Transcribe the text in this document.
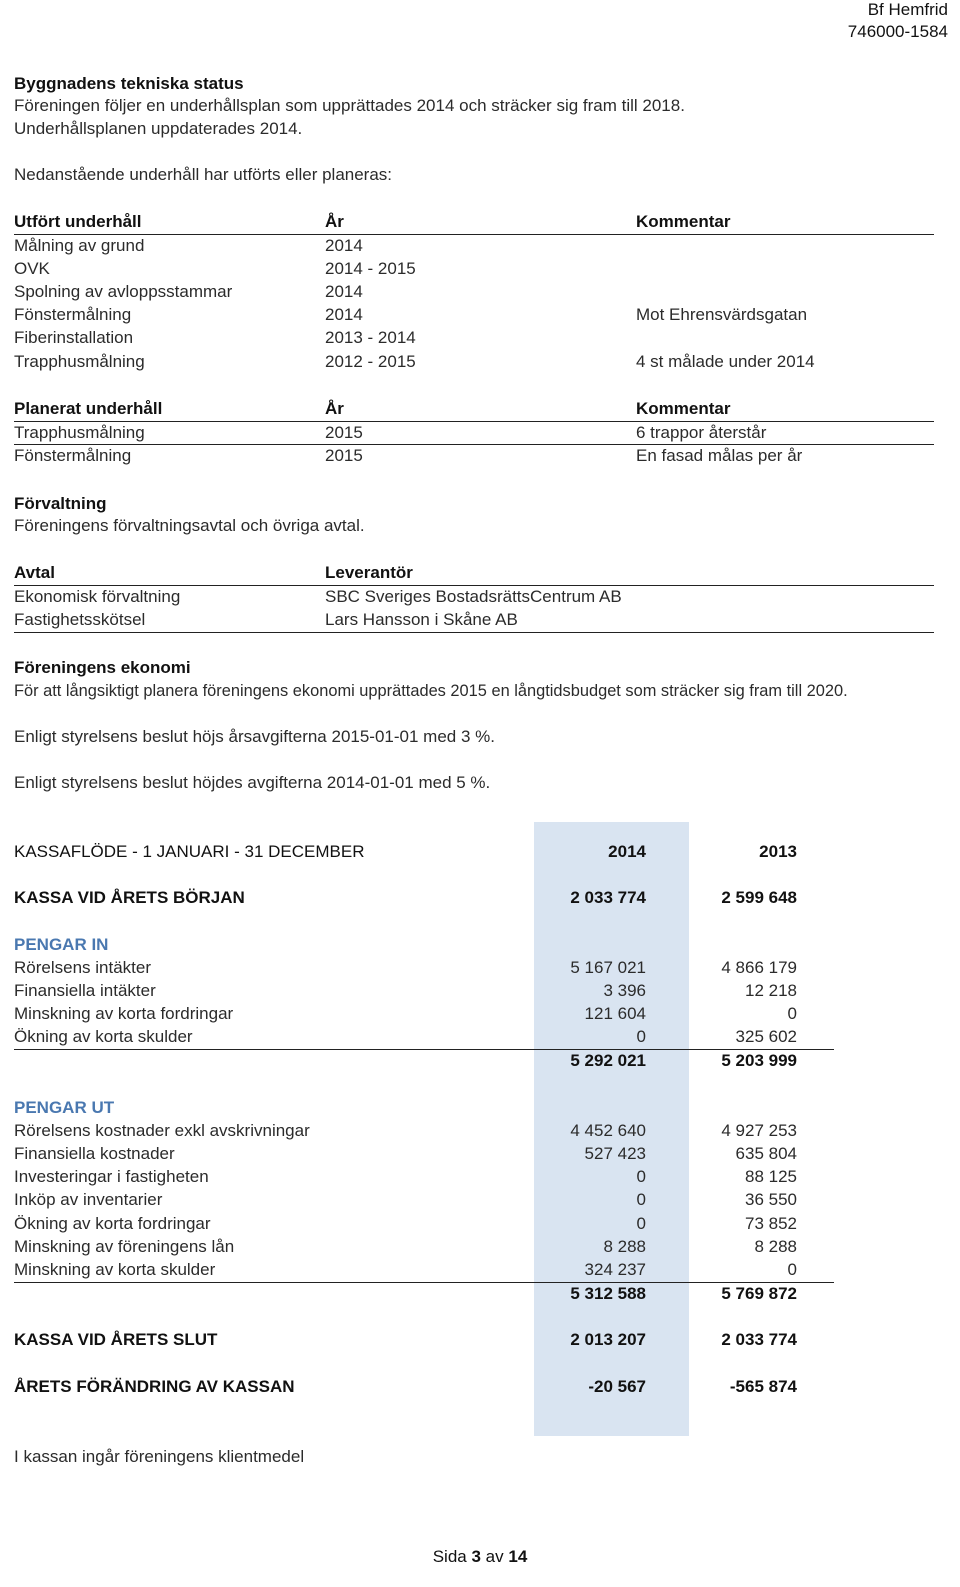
Bf Hemfrid
746000-1584
Byggnadens tekniska status
Föreningen följer en underhållsplan som upprättades 2014 och sträcker sig fram till 2018.
Underhållsplanen uppdaterades 2014.
Nedanstående underhåll har utförts eller planeras:
Utfört underhåll	År	Kommentar
Målning av grund	2014
OVK	2014 - 2015
Spolning av avloppsstammar	2014
Fönstermålning	2014	Mot Ehrensvärdsgatan
Fiberinstallation	2013 - 2014
Trapphusmålning	2012 - 2015	4 st målade under 2014
Planerat underhåll	År	Kommentar
Trapphusmålning	2015	6 trappor återstår
Fönstermålning	2015	En fasad målas per år
Förvaltning
Föreningens förvaltningsavtal och övriga avtal.
Avtal	Leverantör
Ekonomisk förvaltning	SBC Sveriges BostadsrättsCentrum AB
Fastighetsskötsel	Lars Hansson i Skåne AB
Föreningens ekonomi
För att långsiktigt planera föreningens ekonomi upprättades 2015 en långtidsbudget som sträcker sig fram till 2020.
Enligt styrelsens beslut höjs årsavgifterna 2015-01-01 med 3 %.
Enligt styrelsens beslut höjdes avgifterna 2014-01-01 med 5 %.
KASSAFLÖDE - 1 JANUARI - 31 DECEMBER	2014	2013
KASSA VID ÅRETS BÖRJAN	2 033 774	2 599 648
PENGAR IN
Rörelsens intäkter	5 167 021	4 866 179
Finansiella intäkter	3 396	12 218
Minskning av korta fordringar	121 604	0
Ökning av korta skulder	0	325 602
5 292 021	5 203 999
PENGAR UT
Rörelsens kostnader exkl avskrivningar	4 452 640	4 927 253
Finansiella kostnader	527 423	635 804
Investeringar i fastigheten	0	88 125
Inköp av inventarier	0	36 550
Ökning av korta fordringar	0	73 852
Minskning av föreningens lån	8 288	8 288
Minskning av korta skulder	324 237	0
5 312 588	5 769 872
KASSA VID ÅRETS SLUT	2 013 207	2 033 774
ÅRETS FÖRÄNDRING AV KASSAN	-20 567	-565 874
I kassan ingår föreningens klientmedel
Sida 3 av 14
